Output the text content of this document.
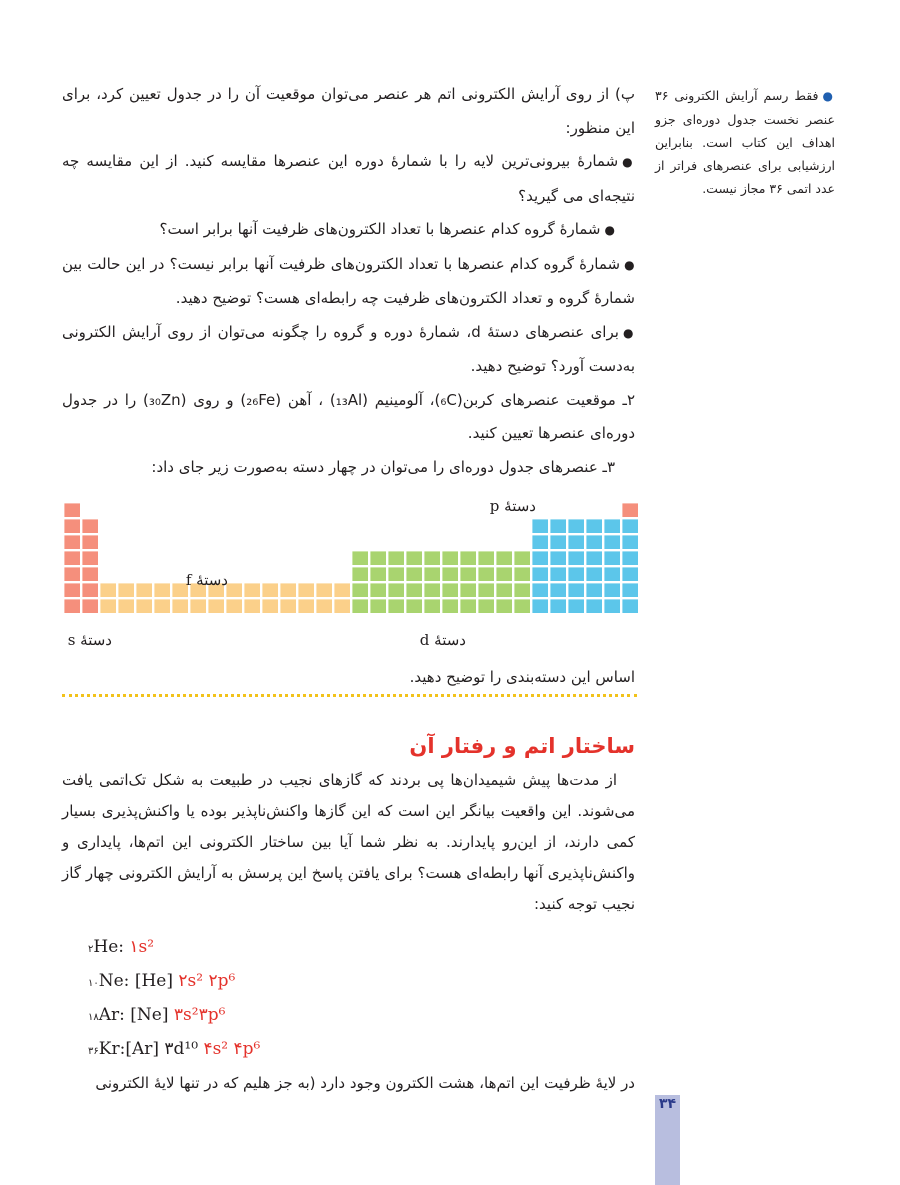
پ) از روی آرایش الکترونی اتم هر عنصر می‌توان موقعیت آن را در جدول تعیین کرد، برای این منظور:

● شمارهٔ بیرونی‌ترین لایه را با شمارهٔ دوره این عنصرها مقایسه کنید. از این مقایسه چه نتیجه‌ای می گیرید؟

● شمارهٔ گروه کدام عنصرها با تعداد الکترون‌های ظرفیت آنها برابر است؟

● شمارهٔ گروه کدام عنصرها با تعداد الکترون‌های ظرفیت آنها برابر نیست؟ در این حالت بین شمارهٔ گروه و تعداد الکترون‌های ظرفیت چه رابطه‌ای هست؟ توضیح دهید.

● برای عنصرهای دستهٔ d، شمارهٔ دوره و گروه را چگونه می‌توان از روی آرایش الکترونی به‌دست آورد؟ توضیح دهید.

۲ـ موقعیت عنصرهای کربن(₆C)، آلومینیم (₁₃Al) ، آهن (₂₆Fe) و روی (₃₀Zn) را در جدول دوره‌ای عنصرها تعیین کنید.

۳ـ عنصرهای جدول دوره‌ای را می‌توان در چهار دسته به‌صورت زیر جای داد:

●فقط رسم آرایش الکترونی ۳۶ عنصر نخست جدول دوره‌ای جزو اهداف این کتاب است. بنابراین ارزشیابی برای عنصرهای فراتر از عدد اتمی ۳۶ مجاز نیست.
دستهٔ p
دستهٔ f
دستهٔ s	دستهٔ d
اساس این دسته‌بندی را توضیح دهید.
ساختار اتم و رفتار آن

از مدت‌ها پیش شیمیدان‌ها پی بردند که گازهای نجیب در طبیعت به شکل تک‌اتمی یافت می‌شوند. این واقعیت بیانگر این است که این گازها واکنش‌ناپذیر بوده یا واکنش‌پذیری بسیار کمی دارند، از این‌رو پایدارند. به نظر شما آیا بین ساختار الکترونی این اتم‌ها، پایداری و واکنش‌ناپذیری آنها رابطه‌ای هست؟ برای یافتن پاسخ این پرسش به آرایش الکترونی چهار گاز نجیب توجه کنید:

۲He: ۱s²
۱۰Ne: [He] ۲s² ۲p⁶
۱۸Ar: [Ne] ۳s²۳p⁶
۳۶Kr:[Ar] ۳d¹⁰ ۴s² ۴p⁶
در لایهٔ ظرفیت این اتم‌ها، هشت الکترون وجود دارد (به جز هلیم که در تنها لایهٔ الکترونی
۳۴
